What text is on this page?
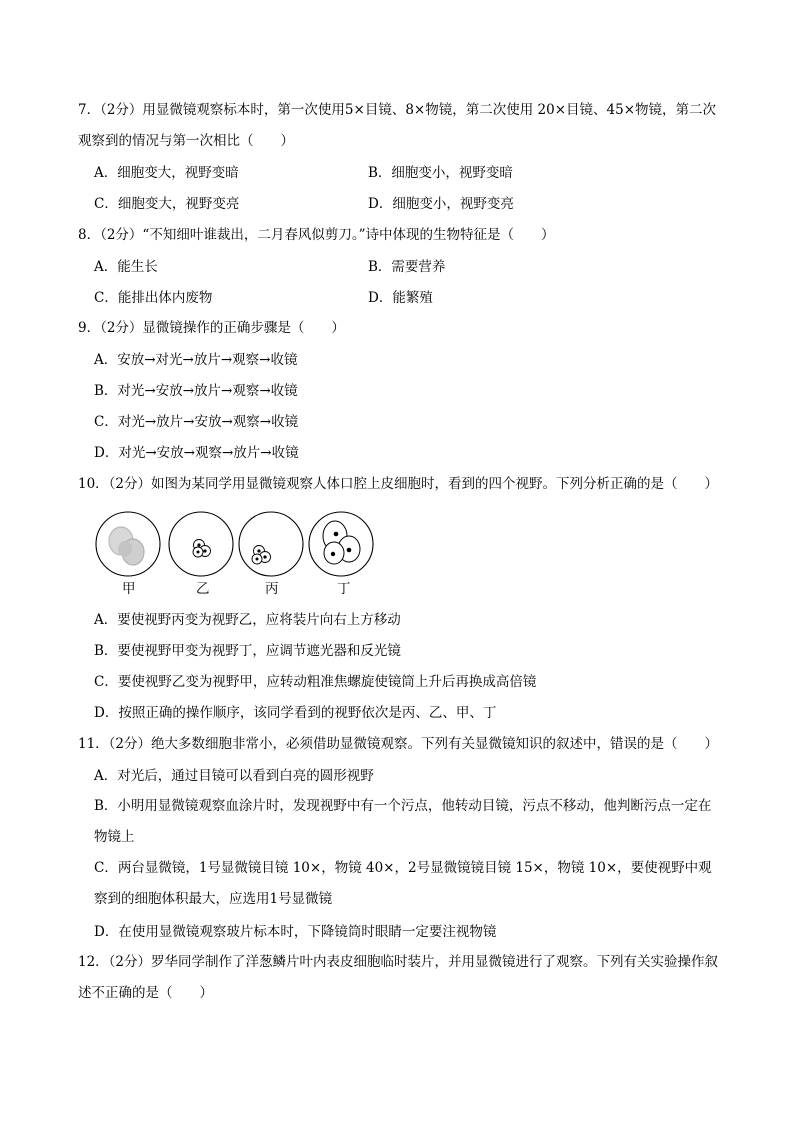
7．（2分）用显微镜观察标本时，第一次使用5×目镜、8×物镜，第二次使用 20×目镜、45×物镜，第二次观察到的情况与第一次相比（　　）

A．细胞变大，视野变暗	B．细胞变小，视野变暗
C．细胞变大，视野变亮	D．细胞变小，视野变亮

8．（2分）“不知细叶谁裁出，二月春风似剪刀。”诗中体现的生物特征是（　　）

A．能生长	B．需要营养
C．能排出体内废物	D．能繁殖

9．（2分）显微镜操作的正确步骤是（　　）

A．安放→对光→放片→观察→收镜
B．对光→安放→放片→观察→收镜
C．对光→放片→安放→观察→收镜
D．对光→安放→观察→放片→收镜

10．（2分）如图为某同学用显微镜观察人体口腔上皮细胞时，看到的四个视野。下列分析正确的是（　　）

甲	乙	丙	丁
A．要使视野丙变为视野乙，应将装片向右上方移动
B．要使视野甲变为视野丁，应调节遮光器和反光镜
C．要使视野乙变为视野甲，应转动粗准焦螺旋使镜筒上升后再换成高倍镜
D．按照正确的操作顺序，该同学看到的视野依次是丙、乙、甲、丁

11．（2分）绝大多数细胞非常小，必须借助显微镜观察。下列有关显微镜知识的叙述中，错误的是（　　）

A．对光后，通过目镜可以看到白亮的圆形视野
B．小明用显微镜观察血涂片时，发现视野中有一个污点，他转动目镜，污点不移动，他判断污点一定在物镜上
C．两台显微镜，1号显微镜目镜 10×，物镜 40×，2号显微镜镜目镜 15×，物镜 10×，要使视野中观察到的细胞体积最大，应选用1号显微镜
D．在使用显微镜观察玻片标本时，下降镜筒时眼睛一定要注视物镜

12．（2分）罗华同学制作了洋葱鳞片叶内表皮细胞临时装片，并用显微镜进行了观察。下列有关实验操作叙述不正确的是（　　）
